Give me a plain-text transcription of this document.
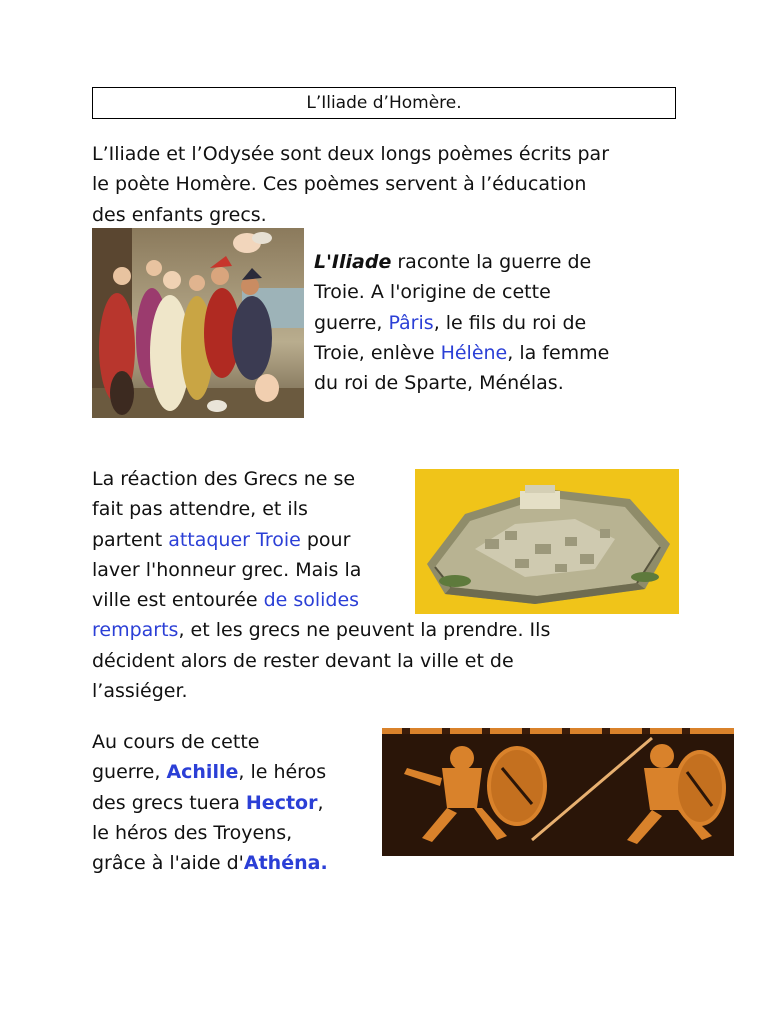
L’Iliade d’Homère.
L’Iliade et l’Odysée sont deux longs poèmes écrits par
le poète Homère. Ces poèmes servent à l’éducation
des enfants grecs.
L'Iliade raconte la guerre de
Troie. A l'origine de cette
guerre, Pâris, le fils du roi de
Troie, enlève Hélène, la femme
du roi de Sparte, Ménélas.
La réaction des Grecs ne se
fait pas attendre, et ils
partent attaquer Troie pour
laver l'honneur grec. Mais la
ville est entourée de solides
remparts, et les grecs ne peuvent la prendre. Ils
décident alors de rester devant la ville et de
l’assiéger.
Au cours de cette
guerre, Achille, le héros
des grecs tuera Hector,
le héros des Troyens,
grâce à l'aide d'Athéna.
